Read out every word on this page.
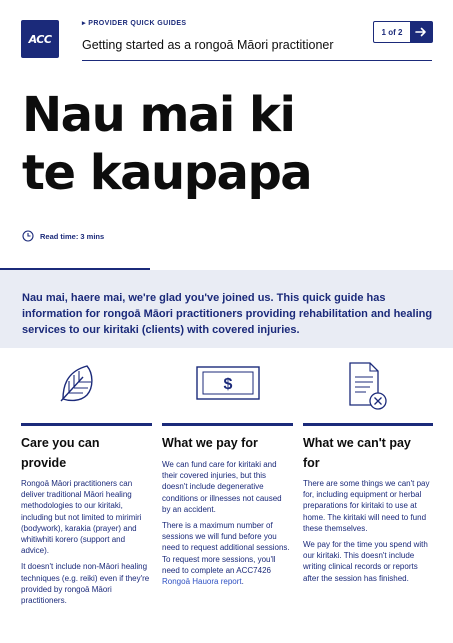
ACC
▸ PROVIDER QUICK GUIDES
Getting started as a rongoā Māori practitioner
1 of 2
Nau mai ki
te kaupapa
Read time: 3 mins
Nau mai, haere mai, we're glad you've joined us. This quick guide has information for rongoā Māori practitioners providing rehabilitation and healing services to our kiritaki (clients) with covered injuries.
$
Care you can provide

Rongoā Māori practitioners can deliver traditional Māori healing methodologies to our kiritaki, including but not limited to mirimiri (bodywork), karakia (prayer) and whitiwhiti korero (support and advice).

It doesn't include non-Māori healing techniques (e.g. reiki) even if they're provided by rongoā Māori practitioners.

What we pay for

We can fund care for kiritaki and their covered injuries, but this doesn't include degenerative conditions or illnesses not caused by an accident.

There is a maximum number of sessions we will fund before you need to request additional sessions. To request more sessions, you'll need to complete an ACC7426 Rongoā Hauora report.

What we can't pay for

There are some things we can't pay for, including equipment or herbal preparations for kiritaki to use at home. The kiritaki will need to fund these themselves.

We pay for the time you spend with our kiritaki. This doesn't include writing clinical records or reports after the session has finished.
